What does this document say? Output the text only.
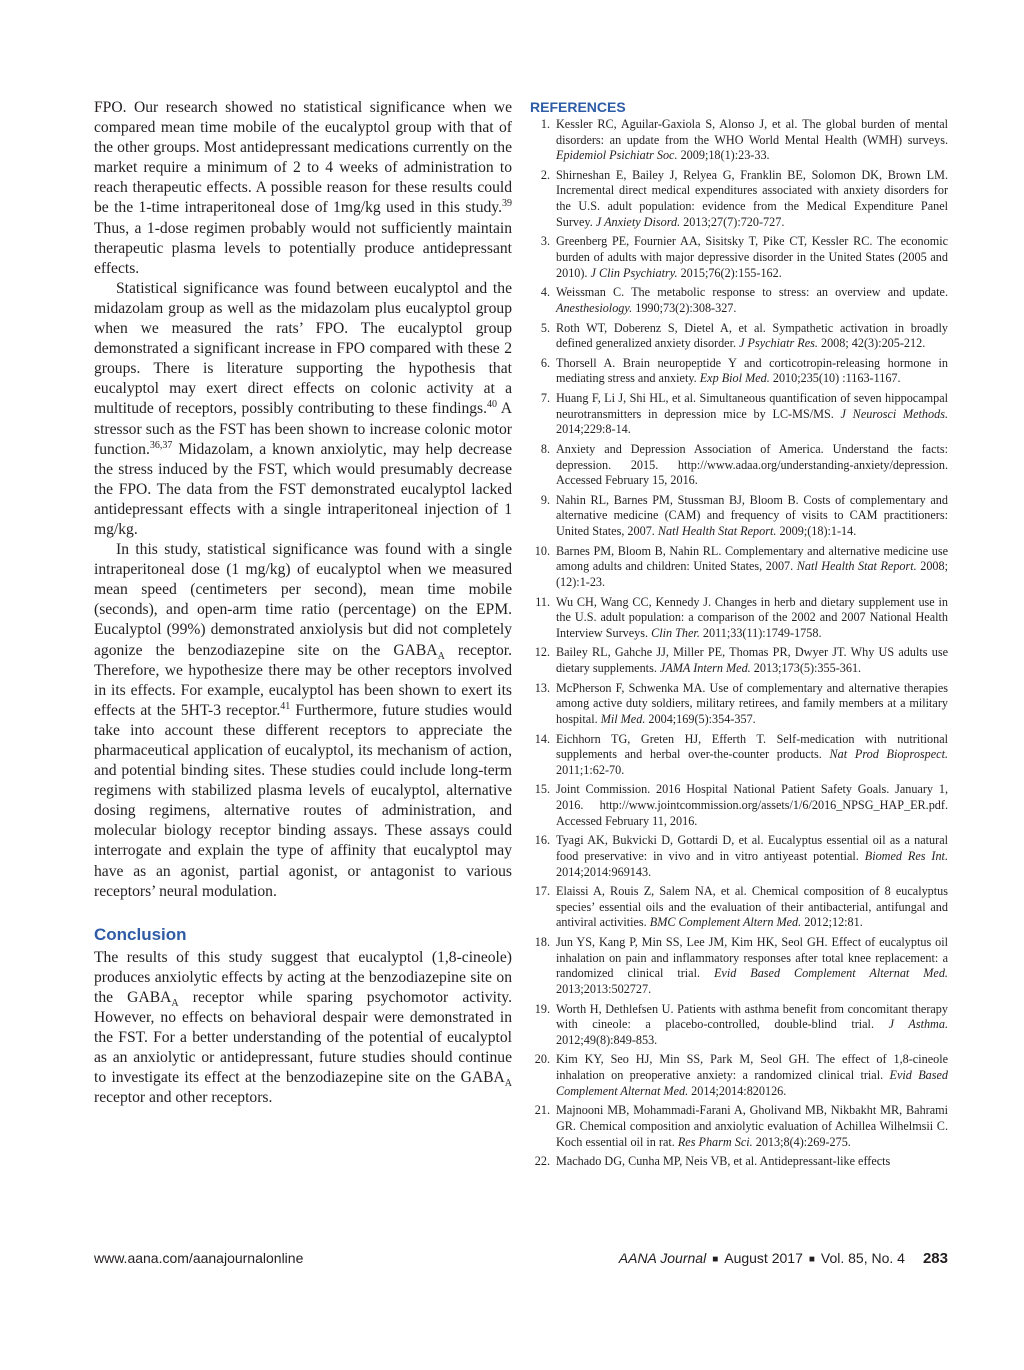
FPO. Our research showed no statistical significance when we compared mean time mobile of the eucalyptol group with that of the other groups. Most antidepressant medications currently on the market require a minimum of 2 to 4 weeks of administration to reach therapeutic effects. A possible reason for these results could be the 1-time intraperitoneal dose of 1mg/kg used in this study.$^{39}$ Thus, a 1-dose regimen probably would not sufficiently maintain therapeutic plasma levels to potentially produce antidepressant effects.

Statistical significance was found between eucalyptol and the midazolam group as well as the midazolam plus eucalyptol group when we measured the rats’ FPO. The eucalyptol group demonstrated a significant increase in FPO compared with these 2 groups. There is literature supporting the hypothesis that eucalyptol may exert direct effects on colonic activity at a multitude of receptors, possibly contributing to these findings.$^{40}$ A stressor such as the FST has been shown to increase colonic motor function.$^{36,37}$ Midazolam, a known anxiolytic, may help decrease the stress induced by the FST, which would presumably decrease the FPO. The data from the FST demonstrated eucalyptol lacked antidepressant effects with a single intraperitoneal injection of 1 mg/kg.

In this study, statistical significance was found with a single intraperitoneal dose (1 mg/kg) of eucalyptol when we measured mean speed (centimeters per second), mean time mobile (seconds), and open-arm time ratio (percentage) on the EPM. Eucalyptol (99%) demonstrated anxiolysis but did not completely agonize the benzodiazepine site on the $GABA_A$ receptor. Therefore, we hypothesize there may be other receptors involved in its effects. For example, eucalyptol has been shown to exert its effects at the 5HT-3 receptor.$^{41}$ Furthermore, future studies would take into account these different receptors to appreciate the pharmaceutical application of eucalyptol, its mechanism of action, and potential binding sites. These studies could include long-term regimens with stabilized plasma levels of eucalyptol, alternative dosing regimens, alternative routes of administration, and molecular biology receptor binding assays. These assays could interrogate and explain the type of affinity that eucalyptol may have as an agonist, partial agonist, or antagonist to various receptors’ neural modulation.

Conclusion

The results of this study suggest that eucalyptol (1,8-cineole) produces anxiolytic effects by acting at the benzodiazepine site on the $GABA_A$ receptor while sparing psychomotor activity. However, no effects on behavioral despair were demonstrated in the FST. For a better understanding of the potential of eucalyptol as an anxiolytic or antidepressant, future studies should continue to investigate its effect at the benzodiazepine site on the $GABA_A$ receptor and other receptors.

REFERENCES
1. Kessler RC, Aguilar-Gaxiola S, Alonso J, et al. The global burden of mental disorders: an update from the WHO World Mental Health (WMH) surveys. Epidemiol Psichiatr Soc. 2009;18(1):23-33.
2. Shirneshan E, Bailey J, Relyea G, Franklin BE, Solomon DK, Brown LM. Incremental direct medical expenditures associated with anxiety disorders for the U.S. adult population: evidence from the Medical Expenditure Panel Survey. J Anxiety Disord. 2013;27(7):720-727.
3. Greenberg PE, Fournier AA, Sisitsky T, Pike CT, Kessler RC. The economic burden of adults with major depressive disorder in the United States (2005 and 2010). J Clin Psychiatry. 2015;76(2):155-162.
4. Weissman C. The metabolic response to stress: an overview and update. Anesthesiology. 1990;73(2):308-327.
5. Roth WT, Doberenz S, Dietel A, et al. Sympathetic activation in broadly defined generalized anxiety disorder. J Psychiatr Res. 2008; 42(3):205-212.
6. Thorsell A. Brain neuropeptide Y and corticotropin-releasing hormone in mediating stress and anxiety. Exp Biol Med. 2010;235(10) :1163-1167.
7. Huang F, Li J, Shi HL, et al. Simultaneous quantification of seven hippocampal neurotransmitters in depression mice by LC-MS/MS. J Neurosci Methods. 2014;229:8-14.
8. Anxiety and Depression Association of America. Understand the facts: depression. 2015. http://www.adaa.org/understanding-anxiety/depression. Accessed February 15, 2016.
9. Nahin RL, Barnes PM, Stussman BJ, Bloom B. Costs of complementary and alternative medicine (CAM) and frequency of visits to CAM practitioners: United States, 2007. Natl Health Stat Report. 2009;(18):1-14.
10. Barnes PM, Bloom B, Nahin RL. Complementary and alternative medicine use among adults and children: United States, 2007. Natl Health Stat Report. 2008;(12):1-23.
11. Wu CH, Wang CC, Kennedy J. Changes in herb and dietary supplement use in the U.S. adult population: a comparison of the 2002 and 2007 National Health Interview Surveys. Clin Ther. 2011;33(11):1749-1758.
12. Bailey RL, Gahche JJ, Miller PE, Thomas PR, Dwyer JT. Why US adults use dietary supplements. JAMA Intern Med. 2013;173(5):355-361.
13. McPherson F, Schwenka MA. Use of complementary and alternative therapies among active duty soldiers, military retirees, and family members at a military hospital. Mil Med. 2004;169(5):354-357.
14. Eichhorn TG, Greten HJ, Efferth T. Self-medication with nutritional supplements and herbal over-the-counter products. Nat Prod Bioprospect. 2011;1:62-70.
15. Joint Commission. 2016 Hospital National Patient Safety Goals. January 1, 2016. http://www.jointcommission.org/assets/1/6/2016_NPSG_HAP_ER.pdf. Accessed February 11, 2016.
16. Tyagi AK, Bukvicki D, Gottardi D, et al. Eucalyptus essential oil as a natural food preservative: in vivo and in vitro antiyeast potential. Biomed Res Int. 2014;2014:969143.
17. Elaissi A, Rouis Z, Salem NA, et al. Chemical composition of 8 eucalyptus species’ essential oils and the evaluation of their antibacterial, antifungal and antiviral activities. BMC Complement Altern Med. 2012;12:81.
18. Jun YS, Kang P, Min SS, Lee JM, Kim HK, Seol GH. Effect of eucalyptus oil inhalation on pain and inflammatory responses after total knee replacement: a randomized clinical trial. Evid Based Complement Alternat Med. 2013;2013:502727.
19. Worth H, Dethlefsen U. Patients with asthma benefit from concomitant therapy with cineole: a placebo-controlled, double-blind trial. J Asthma. 2012;49(8):849-853.
20. Kim KY, Seo HJ, Min SS, Park M, Seol GH. The effect of 1,8-cineole inhalation on preoperative anxiety: a randomized clinical trial. Evid Based Complement Alternat Med. 2014;2014:820126.
21. Majnooni MB, Mohammadi-Farani A, Gholivand MB, Nikbakht MR, Bahrami GR. Chemical composition and anxiolytic evaluation of Achillea Wilhelmsii C. Koch essential oil in rat. Res Pharm Sci. 2013;8(4):269-275.
22. Machado DG, Cunha MP, Neis VB, et al. Antidepressant-like effects
www.aana.com/aanajournalonline	AANA Journal ■ August 2017 ■ Vol. 85, No. 4 283
